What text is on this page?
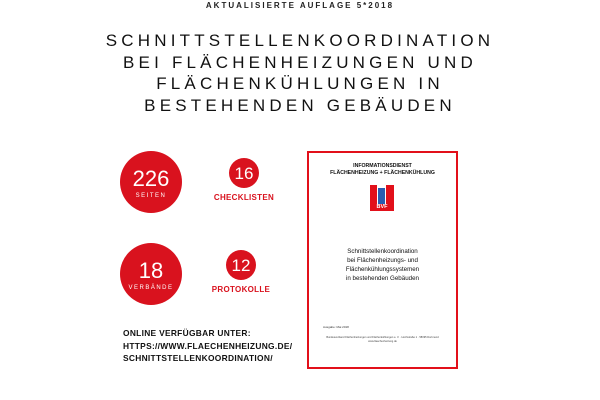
AKTUALISIERTE AUFLAGE 5*2018
SCHNITTSTELLENKOORDINATION
BEI FLÄCHENHEIZUNGEN UND
FLÄCHENKÜHLUNGEN IN
BESTEHENDEN GEBÄUDEN
226
SEITEN
16
CHECKLISTEN
18
VERBÄNDE
12
PROTOKOLLE
ONLINE VERFÜGBAR UNTER:
HTTPS://WWW.FLAECHENHEIZUNG.DE/
SCHNITTSTELLENKOORDINATION/
INFORMATIONSDIENST
FLÄCHENHEIZUNG + FLÄCHENKÜHLUNG
BVF
Schnittstellenkoordination
bei Flächenheizungs- und
Flächenkühlungssystemen
in bestehenden Gebäuden
Ausgabe: Mai 2018
Bundesverband Flächenheizungen und Flächenkühlungen e. V. · Hochstraße 1 · 58095 Dortmund
www.flaechenheizung.de
